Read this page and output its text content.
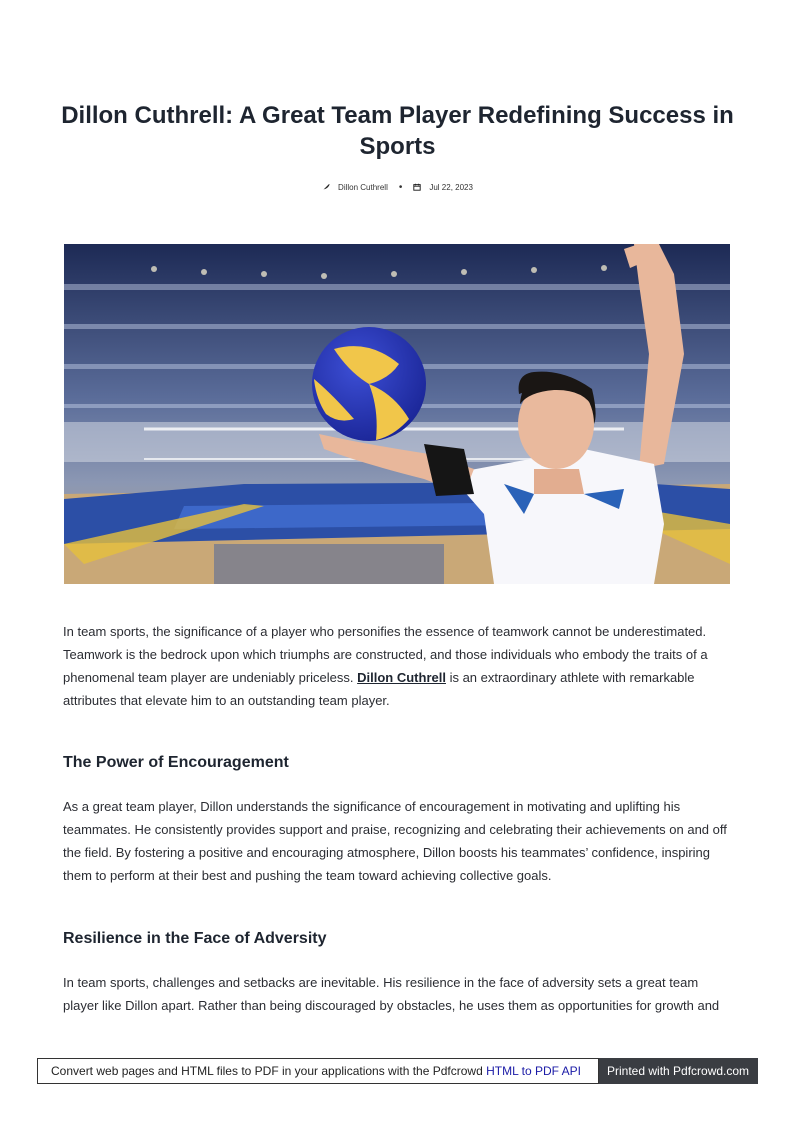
Dillon Cuthrell: A Great Team Player Redefining Success in Sports
Dillon Cuthrell	•	Jul 22, 2023

In team sports, the significance of a player who personifies the essence of teamwork cannot be underestimated. Teamwork is the bedrock upon which triumphs are constructed, and those individuals who embody the traits of a phenomenal team player are undeniably priceless. Dillon Cuthrell is an extraordinary athlete with remarkable attributes that elevate him to an outstanding team player.

The Power of Encouragement

As a great team player, Dillon understands the significance of encouragement in motivating and uplifting his teammates. He consistently provides support and praise, recognizing and celebrating their achievements on and off the field. By fostering a positive and encouraging atmosphere, Dillon boosts his teammates’ confidence, inspiring them to perform at their best and pushing the team toward achieving collective goals.

Resilience in the Face of Adversity

In team sports, challenges and setbacks are inevitable. His resilience in the face of adversity sets a great team player like Dillon apart. Rather than being discouraged by obstacles, he uses them as opportunities for growth and

Convert web pages and HTML files to PDF in your applications with the Pdfcrowd HTML to PDF API	Printed with Pdfcrowd.com
